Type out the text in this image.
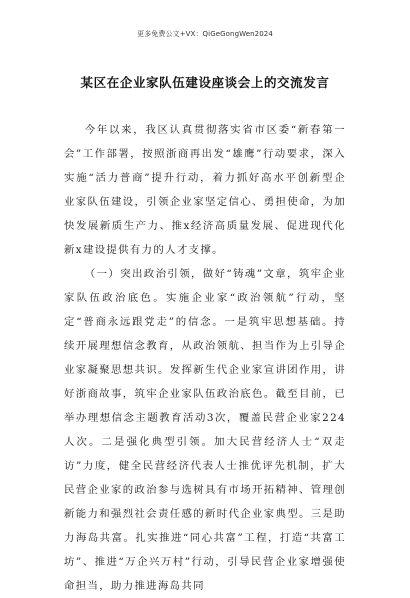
更多免费公文+VX：QiGeGongWen2024
某区在企业家队伍建设座谈会上的交流发言

今年以来，我区认真贯彻落实省市区委“新春第一会”工作部署，按照浙商再出发“雄鹰”行动要求，深入实施“活力普商”提升行动，着力抓好高水平创新型企业家队伍建设，引领企业家坚定信心、勇担使命，为加快发展新质生产力、推x经济高质量发展、促进现代化新x建设提供有力的人才支撑。

（一）突出政治引领，做好“铸魂”文章，筑牢企业家队伍政治底色。实施企业家“政治领航”行动，坚定“普商永远跟党走”的信念。一是筑牢思想基础。持续开展理想信念教育，从政治领航、担当作为上引导企业家凝聚思想共识。发挥新生代企业家宣讲团作用，讲好浙商故事，筑牢企业家队伍政治底色。截至目前，已举办理想信念主题教育活动3次，覆盖民营企业家224人次。二是强化典型引领。加大民营经济人士“双走访”力度，健全民营经济代表人士推优评先机制，扩大民营企业家的政治参与选树具有市场开拓精神、管理创新能力和强烈社会责任感的新时代企业家典型。三是助力海岛共富。扎实推进“同心共富”工程，打造“共富工坊”、推进“万企兴万村”行动，引导民营企业家增强使命担当，助力推进海岛共同
